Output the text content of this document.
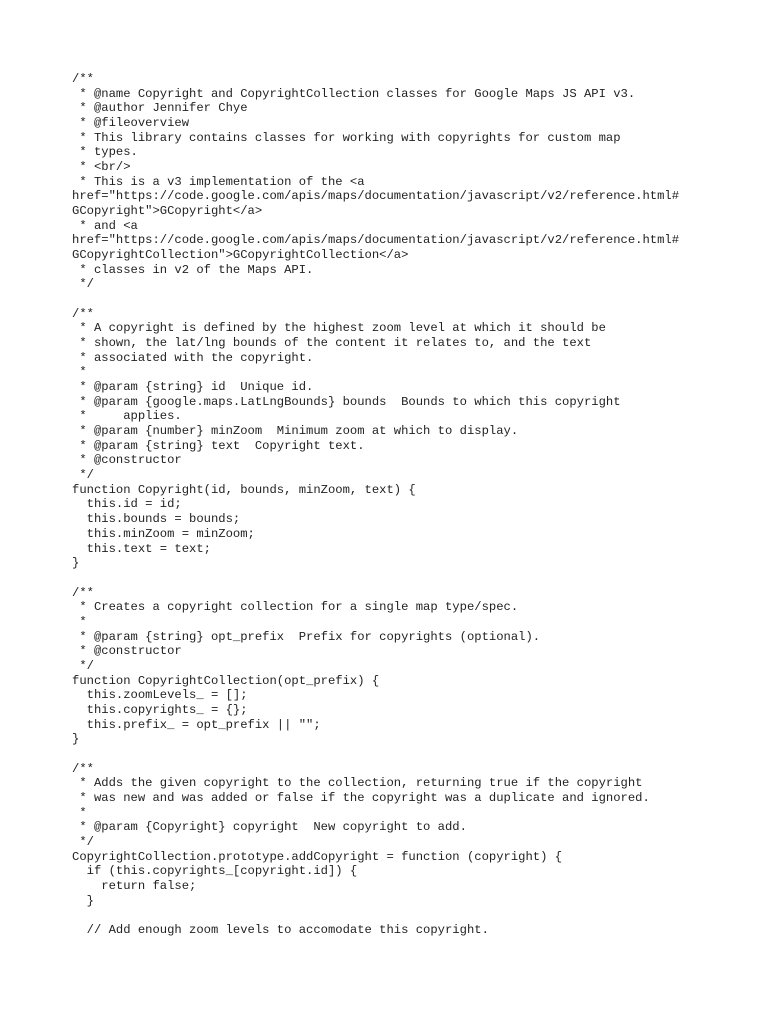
/**
* @name Copyright and CopyrightCollection classes for Google Maps JS API v3.
* @author Jennifer Chye
* @fileoverview
* This library contains classes for working with copyrights for custom map
* types.
* <br/>
* This is a v3 implementation of the <a
href="https://code.google.com/apis/maps/documentation/javascript/v2/reference.html#
GCopyright">GCopyright</a>
* and <a
href="https://code.google.com/apis/maps/documentation/javascript/v2/reference.html#
GCopyrightCollection">GCopyrightCollection</a>
* classes in v2 of the Maps API.
*/
/**
* A copyright is defined by the highest zoom level at which it should be
* shown, the lat/lng bounds of the content it relates to, and the text
* associated with the copyright.
*
* @param {string} id  Unique id.
* @param {google.maps.LatLngBounds} bounds  Bounds to which this copyright
*     applies.
* @param {number} minZoom  Minimum zoom at which to display.
* @param {string} text  Copyright text.
* @constructor
*/
function Copyright(id, bounds, minZoom, text) {
this.id = id;
this.bounds = bounds;
this.minZoom = minZoom;
this.text = text;
}
/**
* Creates a copyright collection for a single map type/spec.
*
* @param {string} opt_prefix  Prefix for copyrights (optional).
* @constructor
*/
function CopyrightCollection(opt_prefix) {
this.zoomLevels_ = [];
this.copyrights_ = {};
this.prefix_ = opt_prefix || "";
}
/**
* Adds the given copyright to the collection, returning true if the copyright
* was new and was added or false if the copyright was a duplicate and ignored.
*
* @param {Copyright} copyright  New copyright to add.
*/
CopyrightCollection.prototype.addCopyright = function (copyright) {
if (this.copyrights_[copyright.id]) {
return false;
}
// Add enough zoom levels to accomodate this copyright.
